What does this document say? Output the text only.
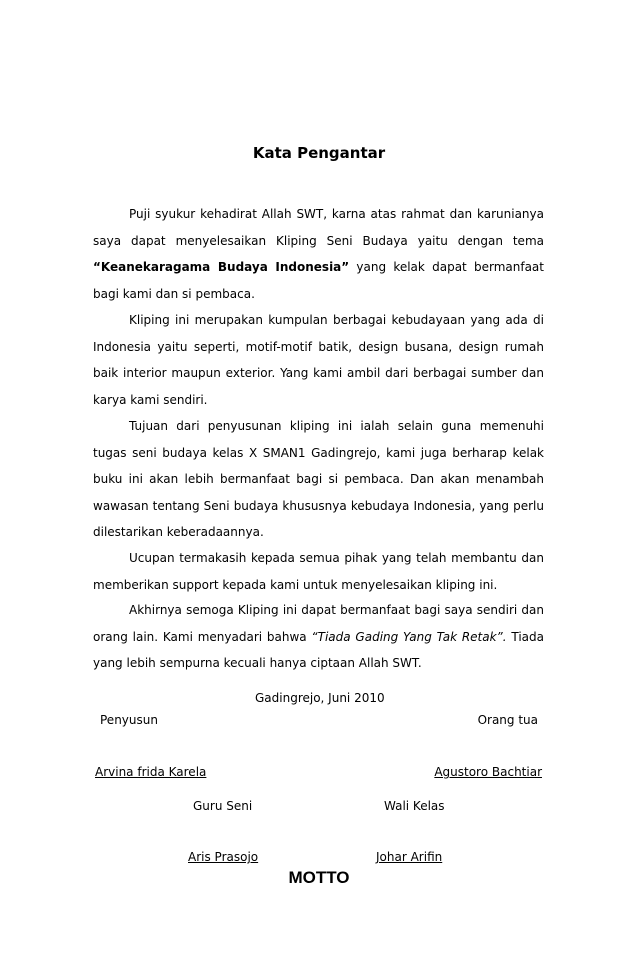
Kata Pengantar

Puji syukur kehadirat Allah SWT, karna atas rahmat dan karunianya saya dapat menyelesaikan Kliping Seni Budaya yaitu dengan tema “Keanekaragama Budaya Indonesia” yang kelak dapat bermanfaat bagi kami dan si pembaca.

Kliping ini merupakan kumpulan berbagai kebudayaan yang ada di Indonesia yaitu seperti, motif-motif batik, design busana, design rumah baik interior maupun exterior. Yang kami ambil dari berbagai sumber dan karya kami sendiri.

Tujuan dari penyusunan kliping ini ialah selain guna memenuhi tugas seni budaya kelas X SMAN1 Gadingrejo, kami juga berharap kelak buku ini akan lebih bermanfaat bagi si pembaca. Dan akan menambah wawasan tentang Seni budaya khususnya kebudaya Indonesia, yang perlu dilestarikan keberadaannya.

Ucupan termakasih kepada semua pihak yang telah membantu dan memberikan support kepada kami untuk menyelesaikan kliping ini.

Akhirnya semoga Kliping ini dapat bermanfaat bagi saya sendiri dan orang lain. Kami menyadari bahwa “Tiada Gading Yang Tak Retak”. Tiada yang lebih sempurna kecuali hanya ciptaan Allah SWT.

Gadingrejo, Juni 2010
Penyusun	Orang tua
Arvina frida Karela	Agustoro Bachtiar
Guru Seni	Wali Kelas
Aris Prasojo	Johar Arifin
MOTTO
